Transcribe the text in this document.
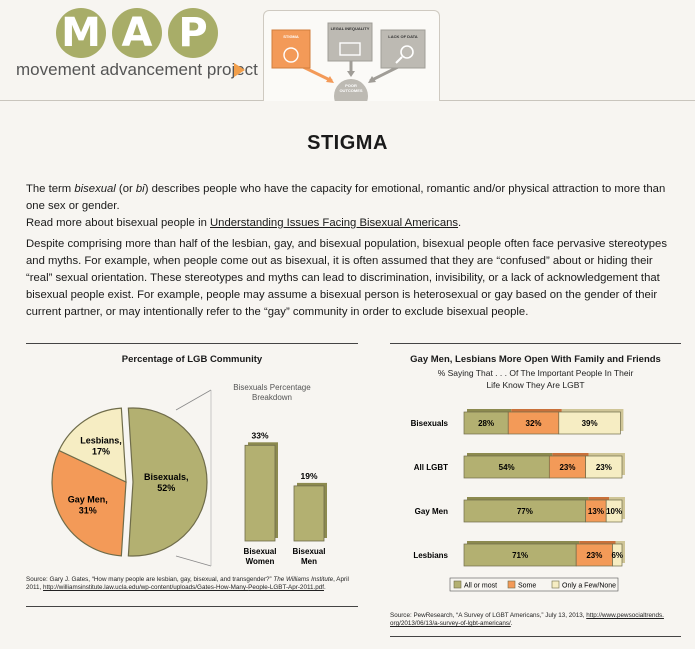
M A P
movement advancement project
STIGMA
LEGAL INEQUALITY
LACK OF DATA
POOR OUTCOMES
STIGMA
The term bisexual (or bi) describes people who have the capacity for emotional, romantic and/or physical attraction to more than one sex or gender.
Read more about bisexual people in Understanding Issues Facing Bisexual Americans.
Despite comprising more than half of the lesbian, gay, and bisexual population, bisexual people often face pervasive stereotypes and myths. For example, when people come out as bisexual, it is often assumed that they are “confused” about or hiding their “real” sexual orientation. These stereotypes and myths can lead to discrimination, invisibility, or a lack of acknowledgement that bisexual people exist. For example, people may assume a bisexual person is heterosexual or gay based on the gender of their current partner, or may intentionally refer to the “gay” community in order to exclude bisexual people.
Percentage of LGB Community
Bisexuals,
52%
Gay Men,
31%
Lesbians,
17%
Bisexuals Percentage
Breakdown
33%
Bisexual
Women
19%
Bisexual
Men
Source: Gary J. Gates, “How many people are lesbian, gay, bisexual, and transgender?” The Williams Institute, April 2011, http://williamsinstitute.law.ucla.edu/wp-content/uploads/Gates-How-Many-People-LGBT-Apr-2011.pdf.
Gay Men, Lesbians More Open With Family and Friends
% Saying That . . . Of The Important People In Their
Life Know They Are LGBT
Bisexuals	28%	32%	39%
All LGBT	54%	23%	23%
Gay Men	77%	13% 10%
Lesbians	71%	23% 6%
All or most	Some	Only a Few/None
Source: PewResearch, “A Survey of LGBT Americans,” July 13, 2013, http://www.pewsocialtrends. org/2013/06/13/a-survey-of-lgbt-americans/.
